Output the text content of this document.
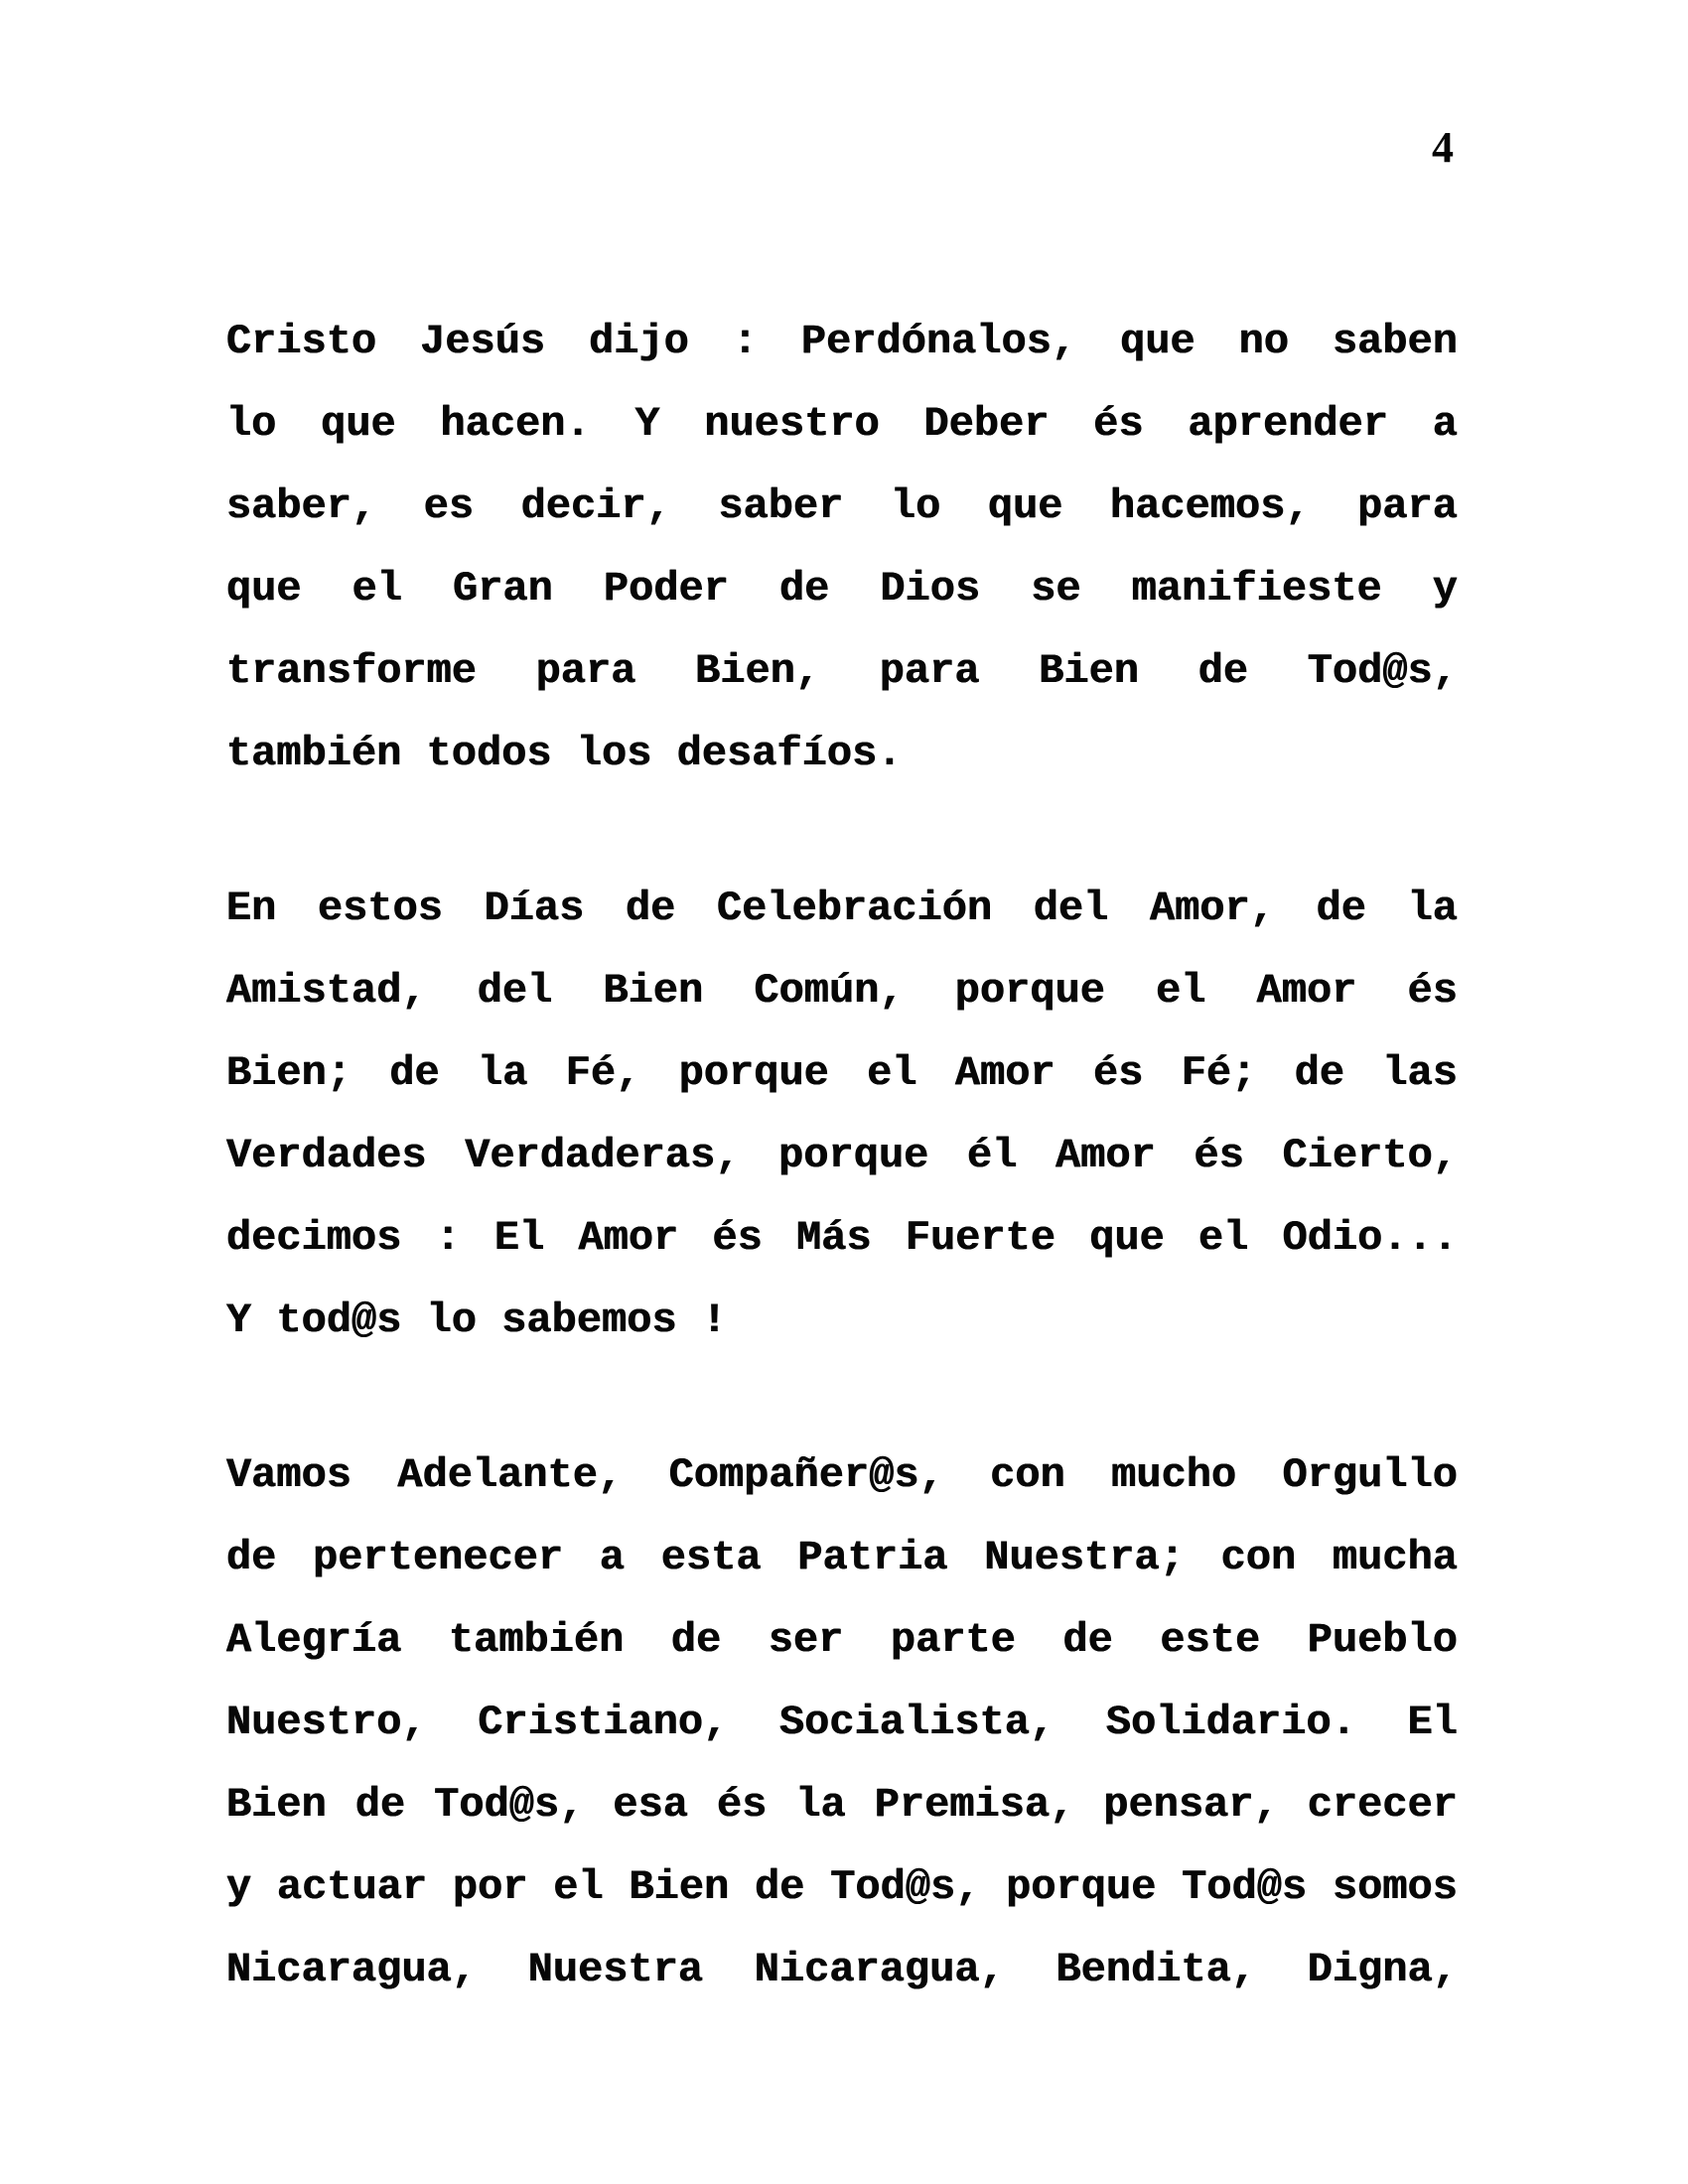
4
Cristo Jesús dijo : Perdónalos, que no saben
lo que hacen. Y nuestro Deber és aprender a
saber, es decir, saber lo que hacemos, para
que el Gran Poder de Dios se manifieste y
transforme para Bien, para Bien de Tod@s,
también todos los desafíos.
En estos Días de Celebración del Amor, de la
Amistad, del Bien Común, porque el Amor és
Bien; de la Fé, porque el Amor és Fé; de las
Verdades Verdaderas, porque él Amor és Cierto,
decimos : El Amor és Más Fuerte que el Odio...
Y tod@s lo sabemos !
Vamos Adelante, Compañer@s, con mucho Orgullo
de pertenecer a esta Patria Nuestra; con mucha
Alegría también de ser parte de este Pueblo
Nuestro, Cristiano, Socialista, Solidario. El
Bien de Tod@s, esa és la Premisa, pensar, crecer
y actuar por el Bien de Tod@s, porque Tod@s somos
Nicaragua, Nuestra Nicaragua, Bendita, Digna,
